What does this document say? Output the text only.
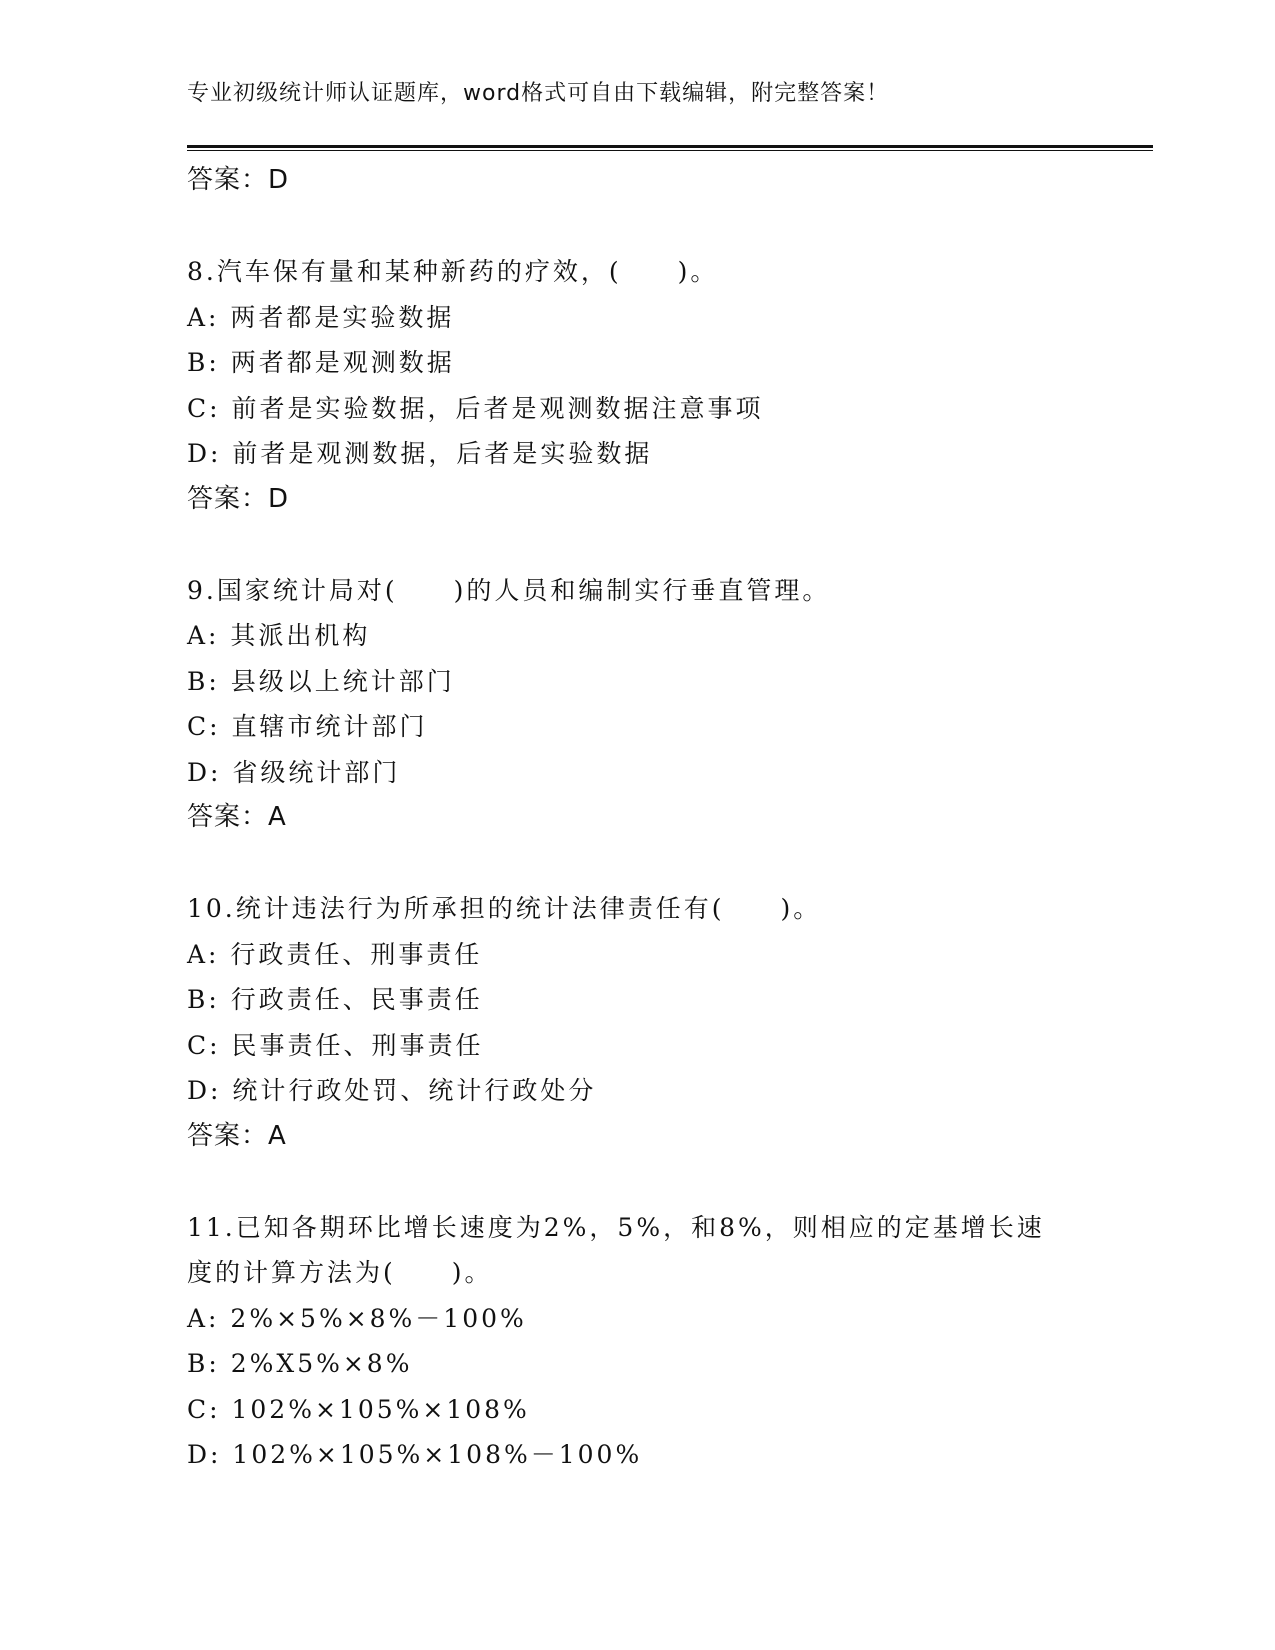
专业初级统计师认证题库，word格式可自由下载编辑，附完整答案！
答案：D
8.汽车保有量和某种新药的疗效，(　　)。
A: 两者都是实验数据
B: 两者都是观测数据
C: 前者是实验数据，后者是观测数据注意事项
D: 前者是观测数据，后者是实验数据
答案：D
9.国家统计局对(　　)的人员和编制实行垂直管理。
A: 其派出机构
B: 县级以上统计部门
C: 直辖市统计部门
D: 省级统计部门
答案：A
10.统计违法行为所承担的统计法律责任有(　　)。
A: 行政责任、刑事责任
B: 行政责任、民事责任
C: 民事责任、刑事责任
D: 统计行政处罚、统计行政处分
答案：A
11.已知各期环比增长速度为2%，5%，和8%，则相应的定基增长速
度的计算方法为(　　)。
A: 2%×5%×8%－100%
B: 2%X5%×8%
C: 102%×105%×108%
D: 102%×105%×108%－100%
